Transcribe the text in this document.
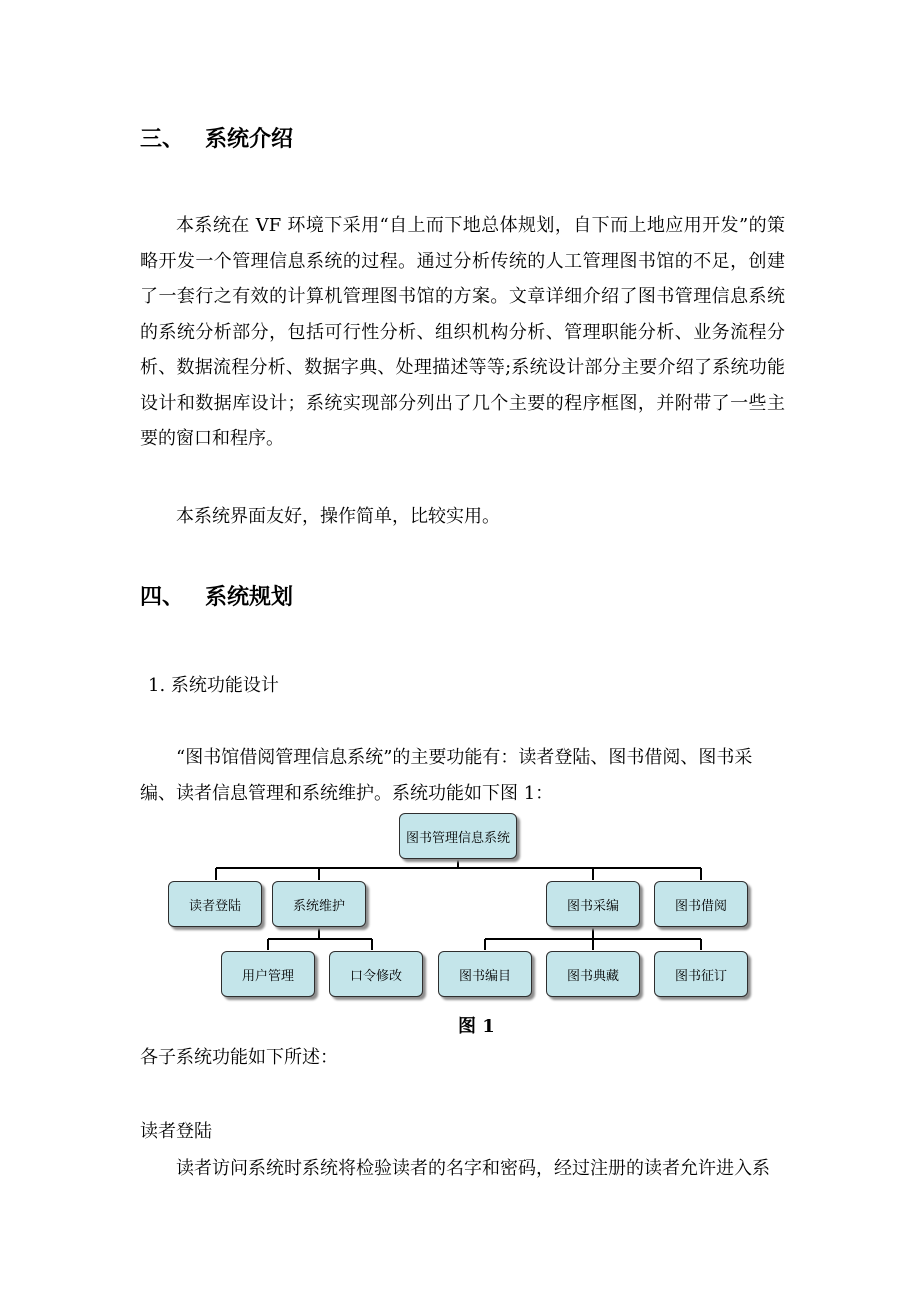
三、 系统介绍
本系统在 VF 环境下采用“自上而下地总体规划，自下而上地应用开发”的策略开发一个管理信息系统的过程。通过分析传统的人工管理图书馆的不足，创建了一套行之有效的计算机管理图书馆的方案。文章详细介绍了图书管理信息系统的系统分析部分，包括可行性分析、组织机构分析、管理职能分析、业务流程分析、数据流程分析、数据字典、处理描述等等;系统设计部分主要介绍了系统功能设计和数据库设计；系统实现部分列出了几个主要的程序框图，并附带了一些主要的窗口和程序。
本系统界面友好，操作简单，比较实用。
四、 系统规划
1. 系统功能设计
“图书馆借阅管理信息系统”的主要功能有：读者登陆、图书借阅、图书采
编、读者信息管理和系统维护。系统功能如下图 1：
图书管理信息系统
读者登陆	系统维护	图书采编	图书借阅
用户管理	口令修改	图书编目	图书典藏	图书征订
图 1
各子系统功能如下所述：
读者登陆
读者访问系统时系统将检验读者的名字和密码，经过注册的读者允许进入系
